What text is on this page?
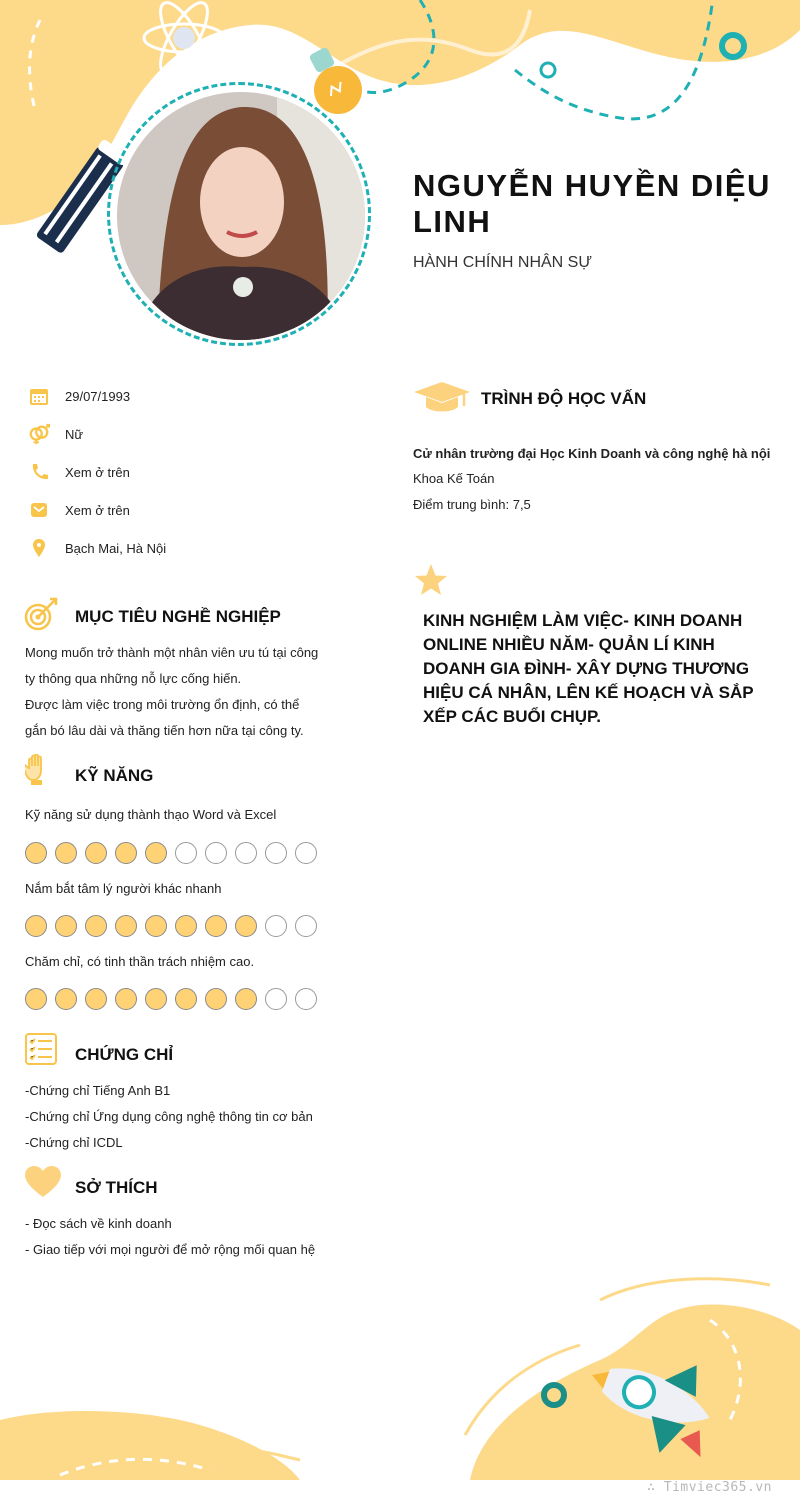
NGUYỄN HUYỀN DIỆU LINH
HÀNH CHÍNH NHÂN SỰ
29/07/1993
Nữ
Xem ở trên
Xem ở trên
Bạch Mai, Hà Nội
MỤC TIÊU NGHỀ NGHIỆP
Mong muốn trở thành một nhân viên ưu tú tại công
ty thông qua những nỗ lực cống hiến.
Được làm việc trong môi trường ổn định, có thể
gắn bó lâu dài và thăng tiến hơn nữa tại công ty.
KỸ NĂNG
Kỹ năng sử dụng thành thạo Word và Excel
Nắm bắt tâm lý người khác nhanh
Chăm chỉ, có tinh thần trách nhiệm cao.
CHỨNG CHỈ
-Chứng chỉ Tiếng Anh B1
-Chứng chỉ Ứng dụng công nghệ thông tin cơ bản
-Chứng chỉ ICDL
SỞ THÍCH
- Đọc sách về kinh doanh
- Giao tiếp với mọi người để mở rộng mối quan hệ
TRÌNH ĐỘ HỌC VẤN
Cử nhân trường đại Học Kinh Doanh và công nghệ hà nội
Khoa Kế Toán
Điểm trung bình: 7,5
KINH NGHIỆM LÀM VIỆC- KINH DOANH ONLINE NHIỀU NĂM- QUẢN LÍ KINH DOANH GIA ĐÌNH- XÂY DỰNG THƯƠNG HIỆU CÁ NHÂN, LÊN KẾ HOẠCH VÀ SẮP XẾP CÁC BUỔI CHỤP.
∴ Timviec365.vn
